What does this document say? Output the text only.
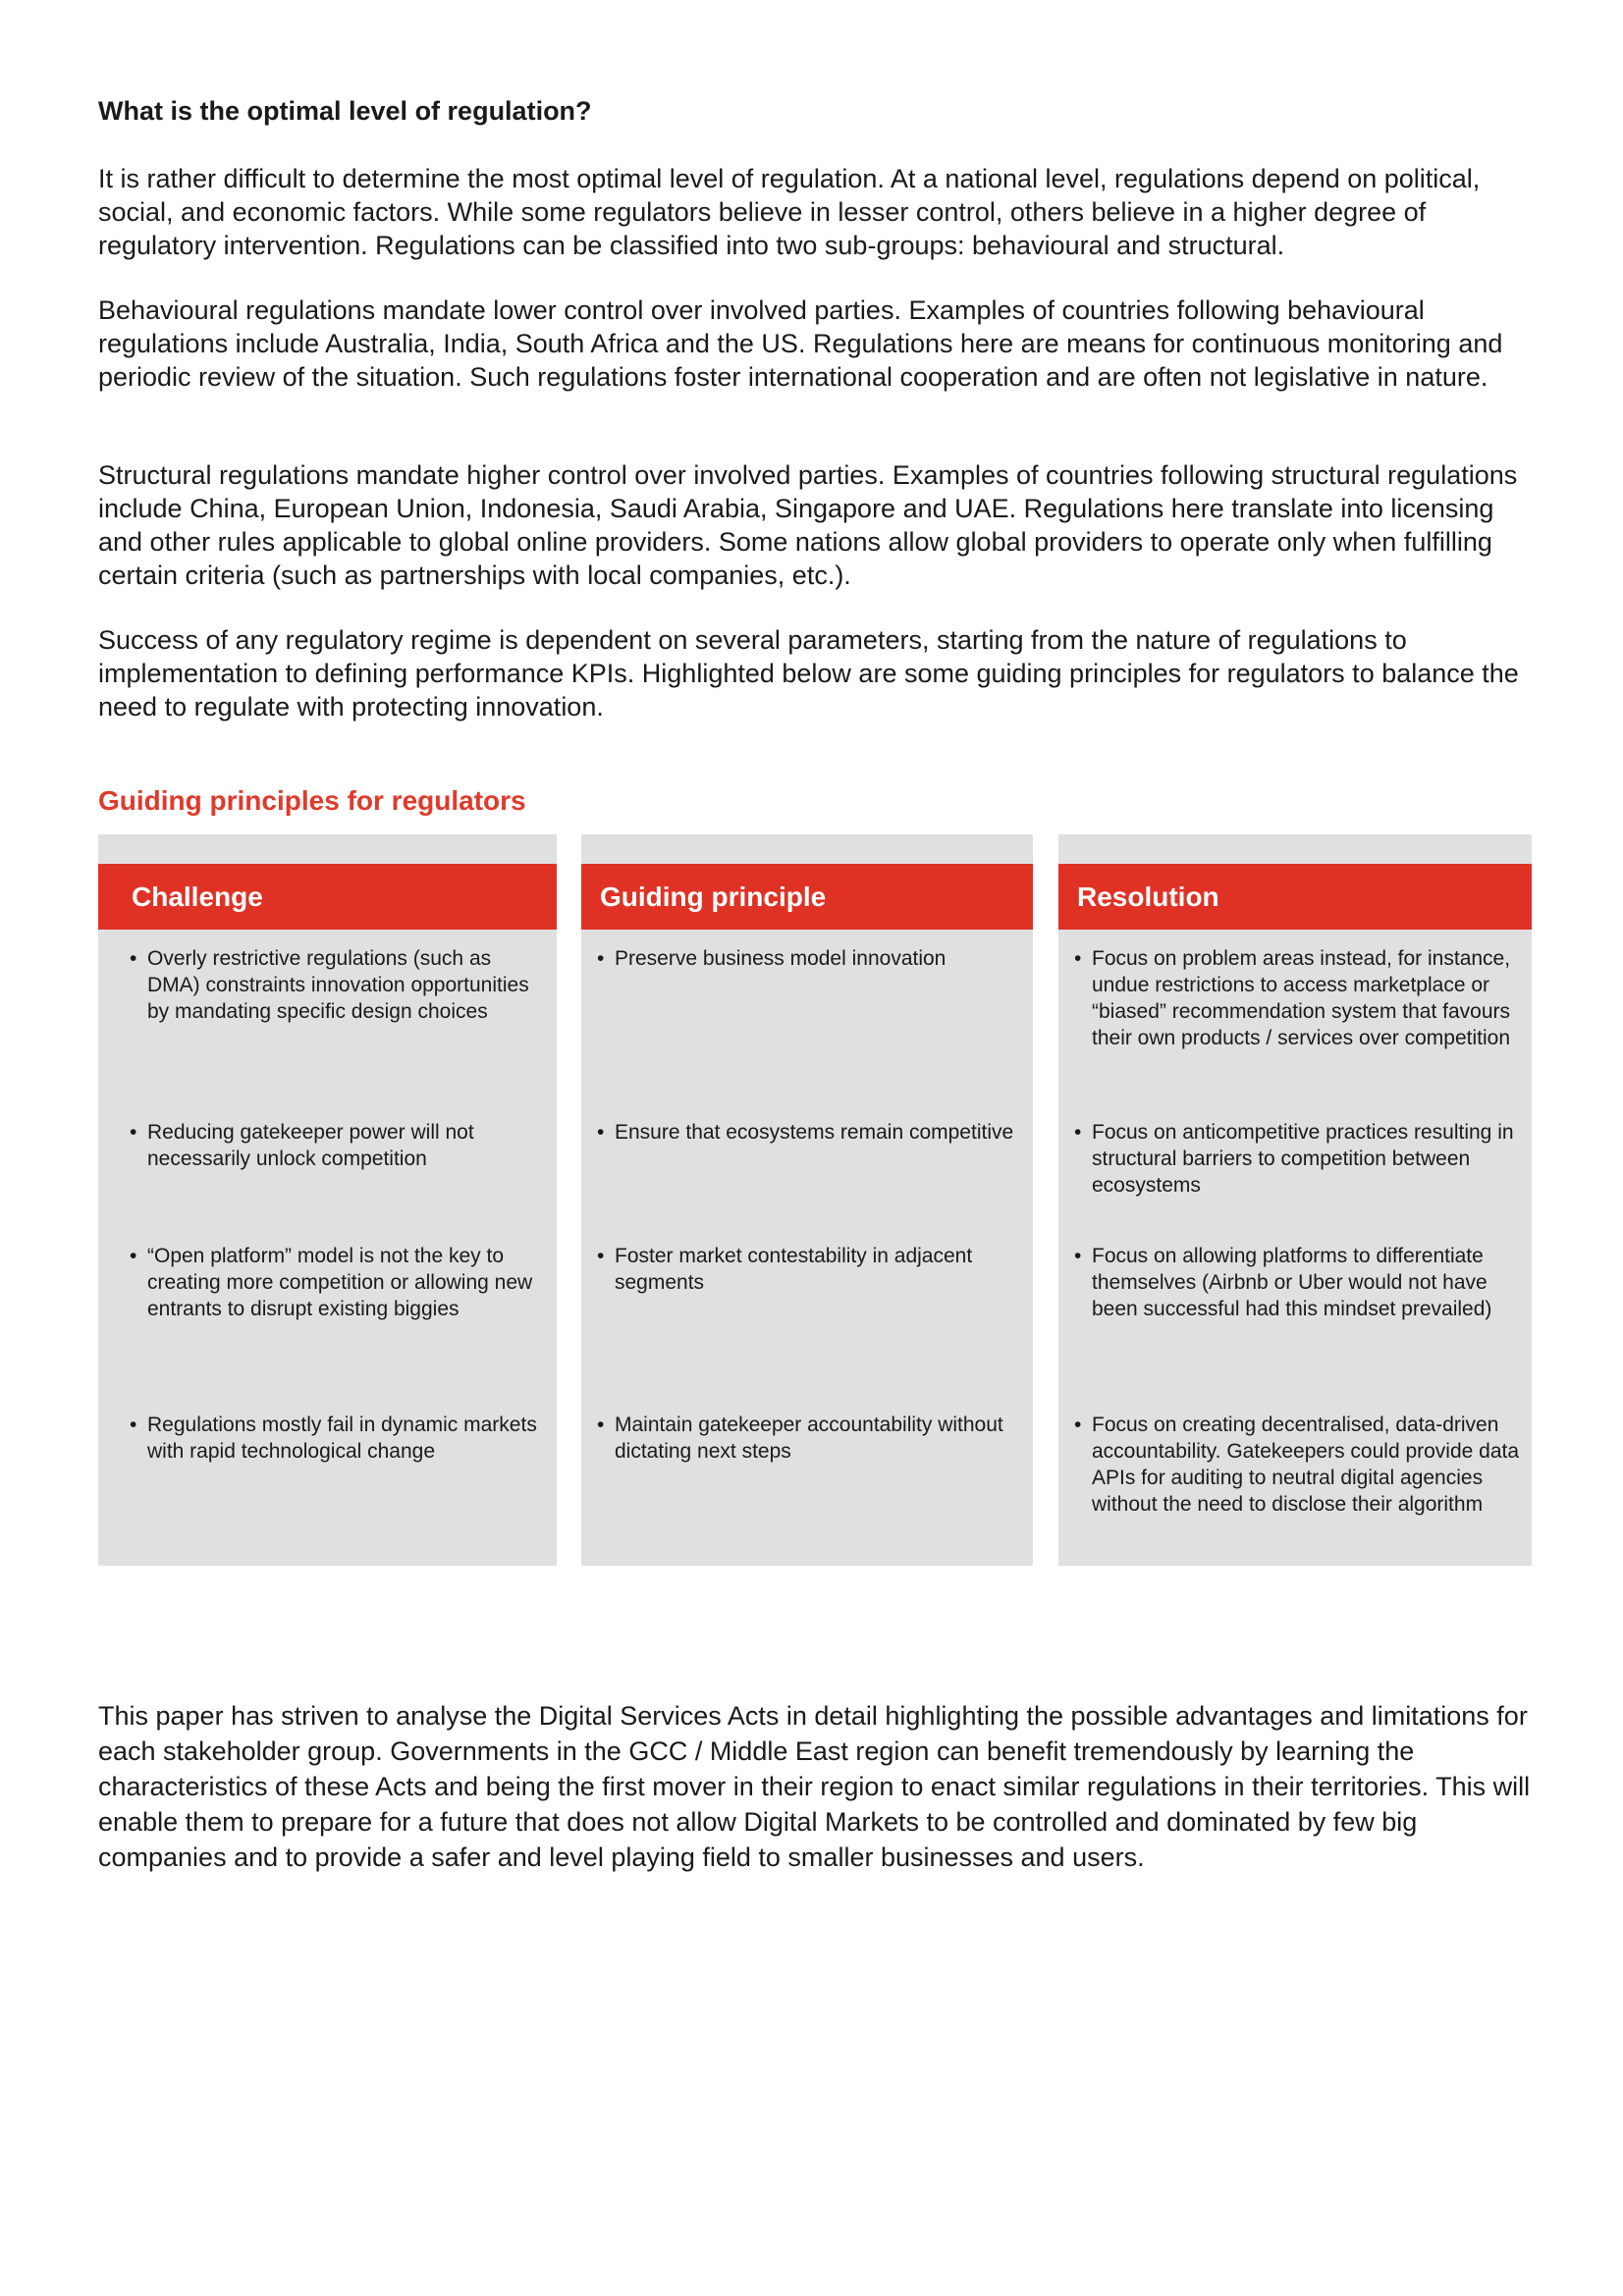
What is the optimal level of regulation?

It is rather difficult to determine the most optimal level of regulation. At a national level, regulations depend on political, social, and economic factors. While some regulators believe in lesser control, others believe in a higher degree of regulatory intervention. Regulations can be classified into two sub-groups: behavioural and structural.

Behavioural regulations mandate lower control over involved parties. Examples of countries following behavioural regulations include Australia, India, South Africa and the US. Regulations here are means for continuous monitoring and periodic review of the situation. Such regulations foster international cooperation and are often not legislative in nature.

Structural regulations mandate higher control over involved parties. Examples of countries following structural regulations include China, European Union, Indonesia, Saudi Arabia, Singapore and UAE. Regulations here translate into licensing and other rules applicable to global online providers. Some nations allow global providers to operate only when fulfilling certain criteria (such as partnerships with local companies, etc.).

Success of any regulatory regime is dependent on several parameters, starting from the nature of regulations to implementation to defining performance KPIs. Highlighted below are some guiding principles for regulators to balance the need to regulate with protecting innovation.

Guiding principles for regulators
Challenge

• Overly restrictive regulations (such as DMA) constraints innovation opportunities by mandating specific design choices

• Reducing gatekeeper power will not necessarily unlock competition

• “Open platform” model is not the key to creating more competition or allowing new entrants to disrupt existing biggies

• Regulations mostly fail in dynamic markets with rapid technological change

Guiding principle

• Preserve business model innovation

• Ensure that ecosystems remain competitive

• Foster market contestability in adjacent segments

• Maintain gatekeeper accountability without dictating next steps

Resolution

• Focus on problem areas instead, for instance, undue restrictions to access marketplace or “biased” recommendation system that favours their own products / services over competition

• Focus on anticompetitive practices resulting in structural barriers to competition between ecosystems

• Focus on allowing platforms to differentiate themselves (Airbnb or Uber would not have been successful had this mindset prevailed)

• Focus on creating decentralised, data-driven accountability. Gatekeepers could provide data APIs for auditing to neutral digital agencies without the need to disclose their algorithm

This paper has striven to analyse the Digital Services Acts in detail highlighting the possible advantages and limitations for each stakeholder group. Governments in the GCC / Middle East region can benefit tremendously by learning the characteristics of these Acts and being the first mover in their region to enact similar regulations in their territories. This will enable them to prepare for a future that does not allow Digital Markets to be controlled and dominated by few big companies and to provide a safer and level playing field to smaller businesses and users.
